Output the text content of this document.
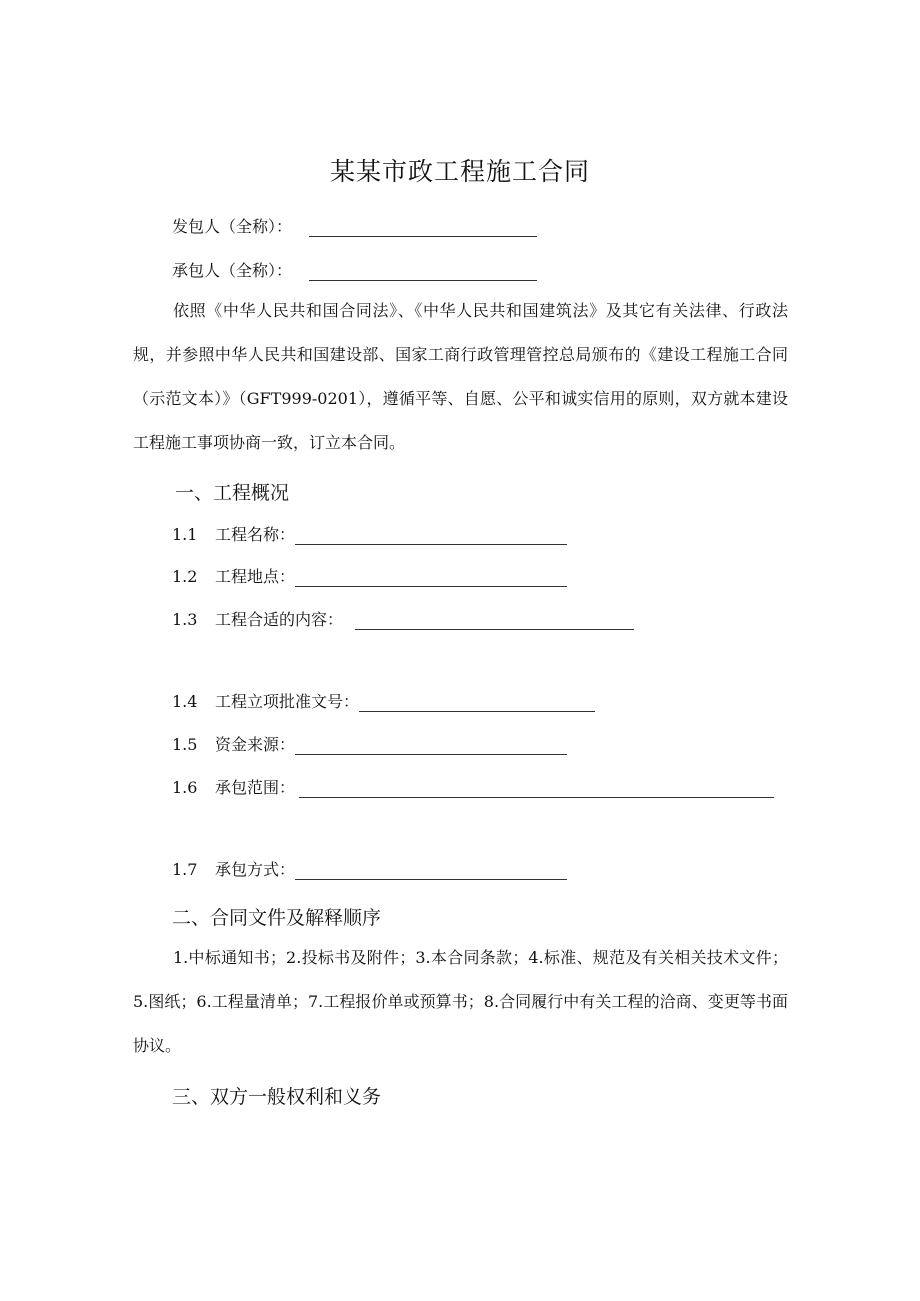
某某市政工程施工合同
发包人（全称）：
承包人（全称）：
依照《中华人民共和国合同法》、《中华人民共和国建筑法》及其它有关法律、行政法规，并参照中华人民共和国建设部、国家工商行政管理管控总局颁布的《建设工程施工合同（示范文本）》（GFT999-0201），遵循平等、自愿、公平和诚实信用的原则，双方就本建设工程施工事项协商一致，订立本合同。
一、工程概况
1.1 工程名称：
1.2 工程地点：
1.3 工程合适的内容：
1.4 工程立项批准文号：
1.5 资金来源：
1.6 承包范围：
1.7 承包方式：
二、合同文件及解释顺序
1.中标通知书；2.投标书及附件；3.本合同条款；4.标准、规范及有关相关技术文件；5.图纸；6.工程量清单；7.工程报价单或预算书；8.合同履行中有关工程的洽商、变更等书面协议。
三、双方一般权利和义务
